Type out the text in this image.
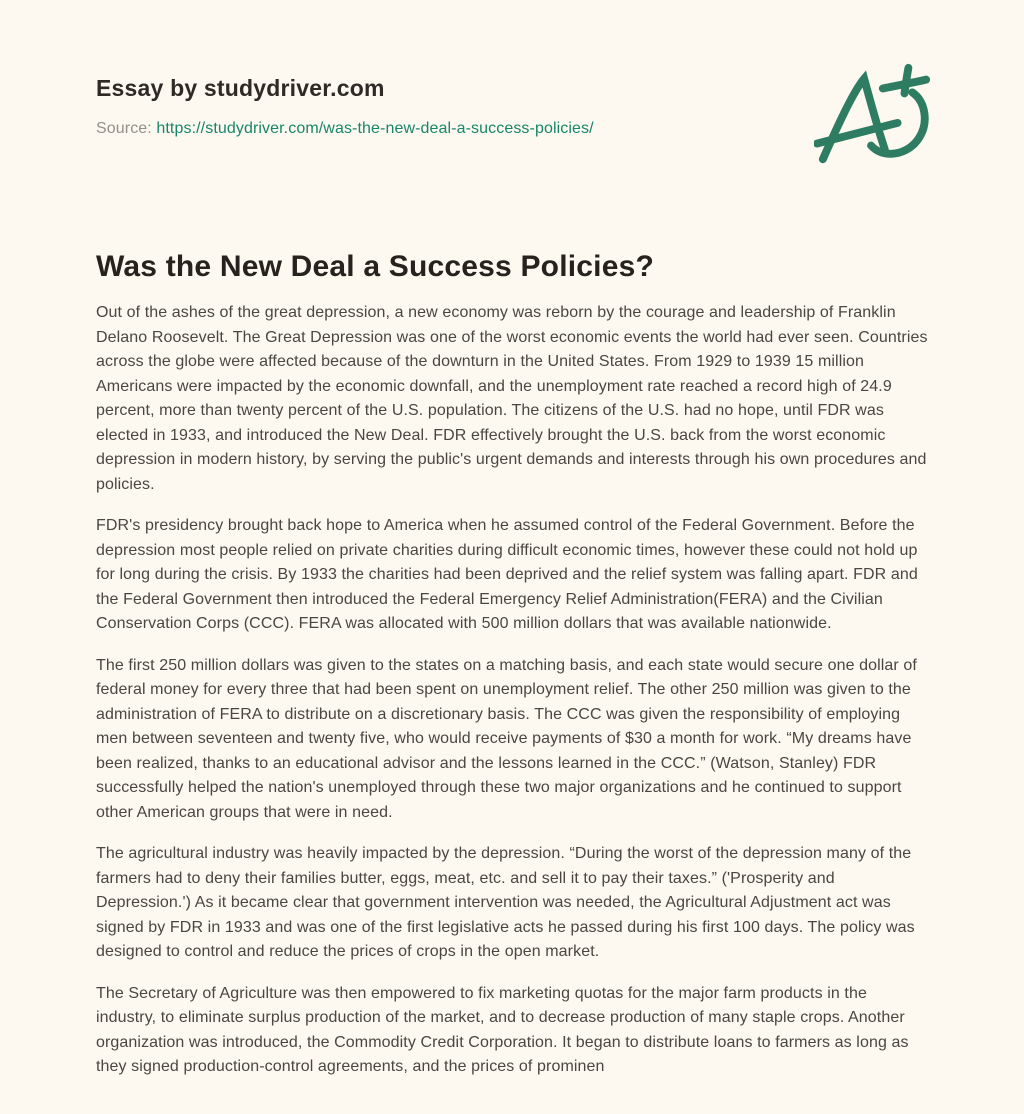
Essay by studydriver.com
Source: https://studydriver.com/was-the-new-deal-a-success-policies/
Was the New Deal a Success Policies?

Out of the ashes of the great depression, a new economy was reborn by the courage and leadership of Franklin Delano Roosevelt. The Great Depression was one of the worst economic events the world had ever seen. Countries across the globe were affected because of the downturn in the United States. From 1929 to 1939 15 million Americans were impacted by the economic downfall, and the unemployment rate reached a record high of 24.9 percent, more than twenty percent of the U.S. population. The citizens of the U.S. had no hope, until FDR was elected in 1933, and introduced the New Deal. FDR effectively brought the U.S. back from the worst economic depression in modern history, by serving the public's urgent demands and interests through his own procedures and policies.

FDR's presidency brought back hope to America when he assumed control of the Federal Government. Before the depression most people relied on private charities during difficult economic times, however these could not hold up for long during the crisis. By 1933 the charities had been deprived and the relief system was falling apart. FDR and the Federal Government then introduced the Federal Emergency Relief Administration(FERA) and the Civilian Conservation Corps (CCC). FERA was allocated with 500 million dollars that was available nationwide.

The first 250 million dollars was given to the states on a matching basis, and each state would secure one dollar of federal money for every three that had been spent on unemployment relief. The other 250 million was given to the administration of FERA to distribute on a discretionary basis. The CCC was given the responsibility of employing men between seventeen and twenty five, who would receive payments of $30 a month for work. “My dreams have been realized, thanks to an educational advisor and the lessons learned in the CCC.” (Watson, Stanley) FDR successfully helped the nation's unemployed through these two major organizations and he continued to support other American groups that were in need.

The agricultural industry was heavily impacted by the depression. “During the worst of the depression many of the farmers had to deny their families butter, eggs, meat, etc. and sell it to pay their taxes.” ('Prosperity and Depression.') As it became clear that government intervention was needed, the Agricultural Adjustment act was signed by FDR in 1933 and was one of the first legislative acts he passed during his first 100 days. The policy was designed to control and reduce the prices of crops in the open market.

The Secretary of Agriculture was then empowered to fix marketing quotas for the major farm products in the industry, to eliminate surplus production of the market, and to decrease production of many staple crops. Another organization was introduced, the Commodity Credit Corporation. It began to distribute loans to farmers as long as they signed production-control agreements, and the prices of prominen
